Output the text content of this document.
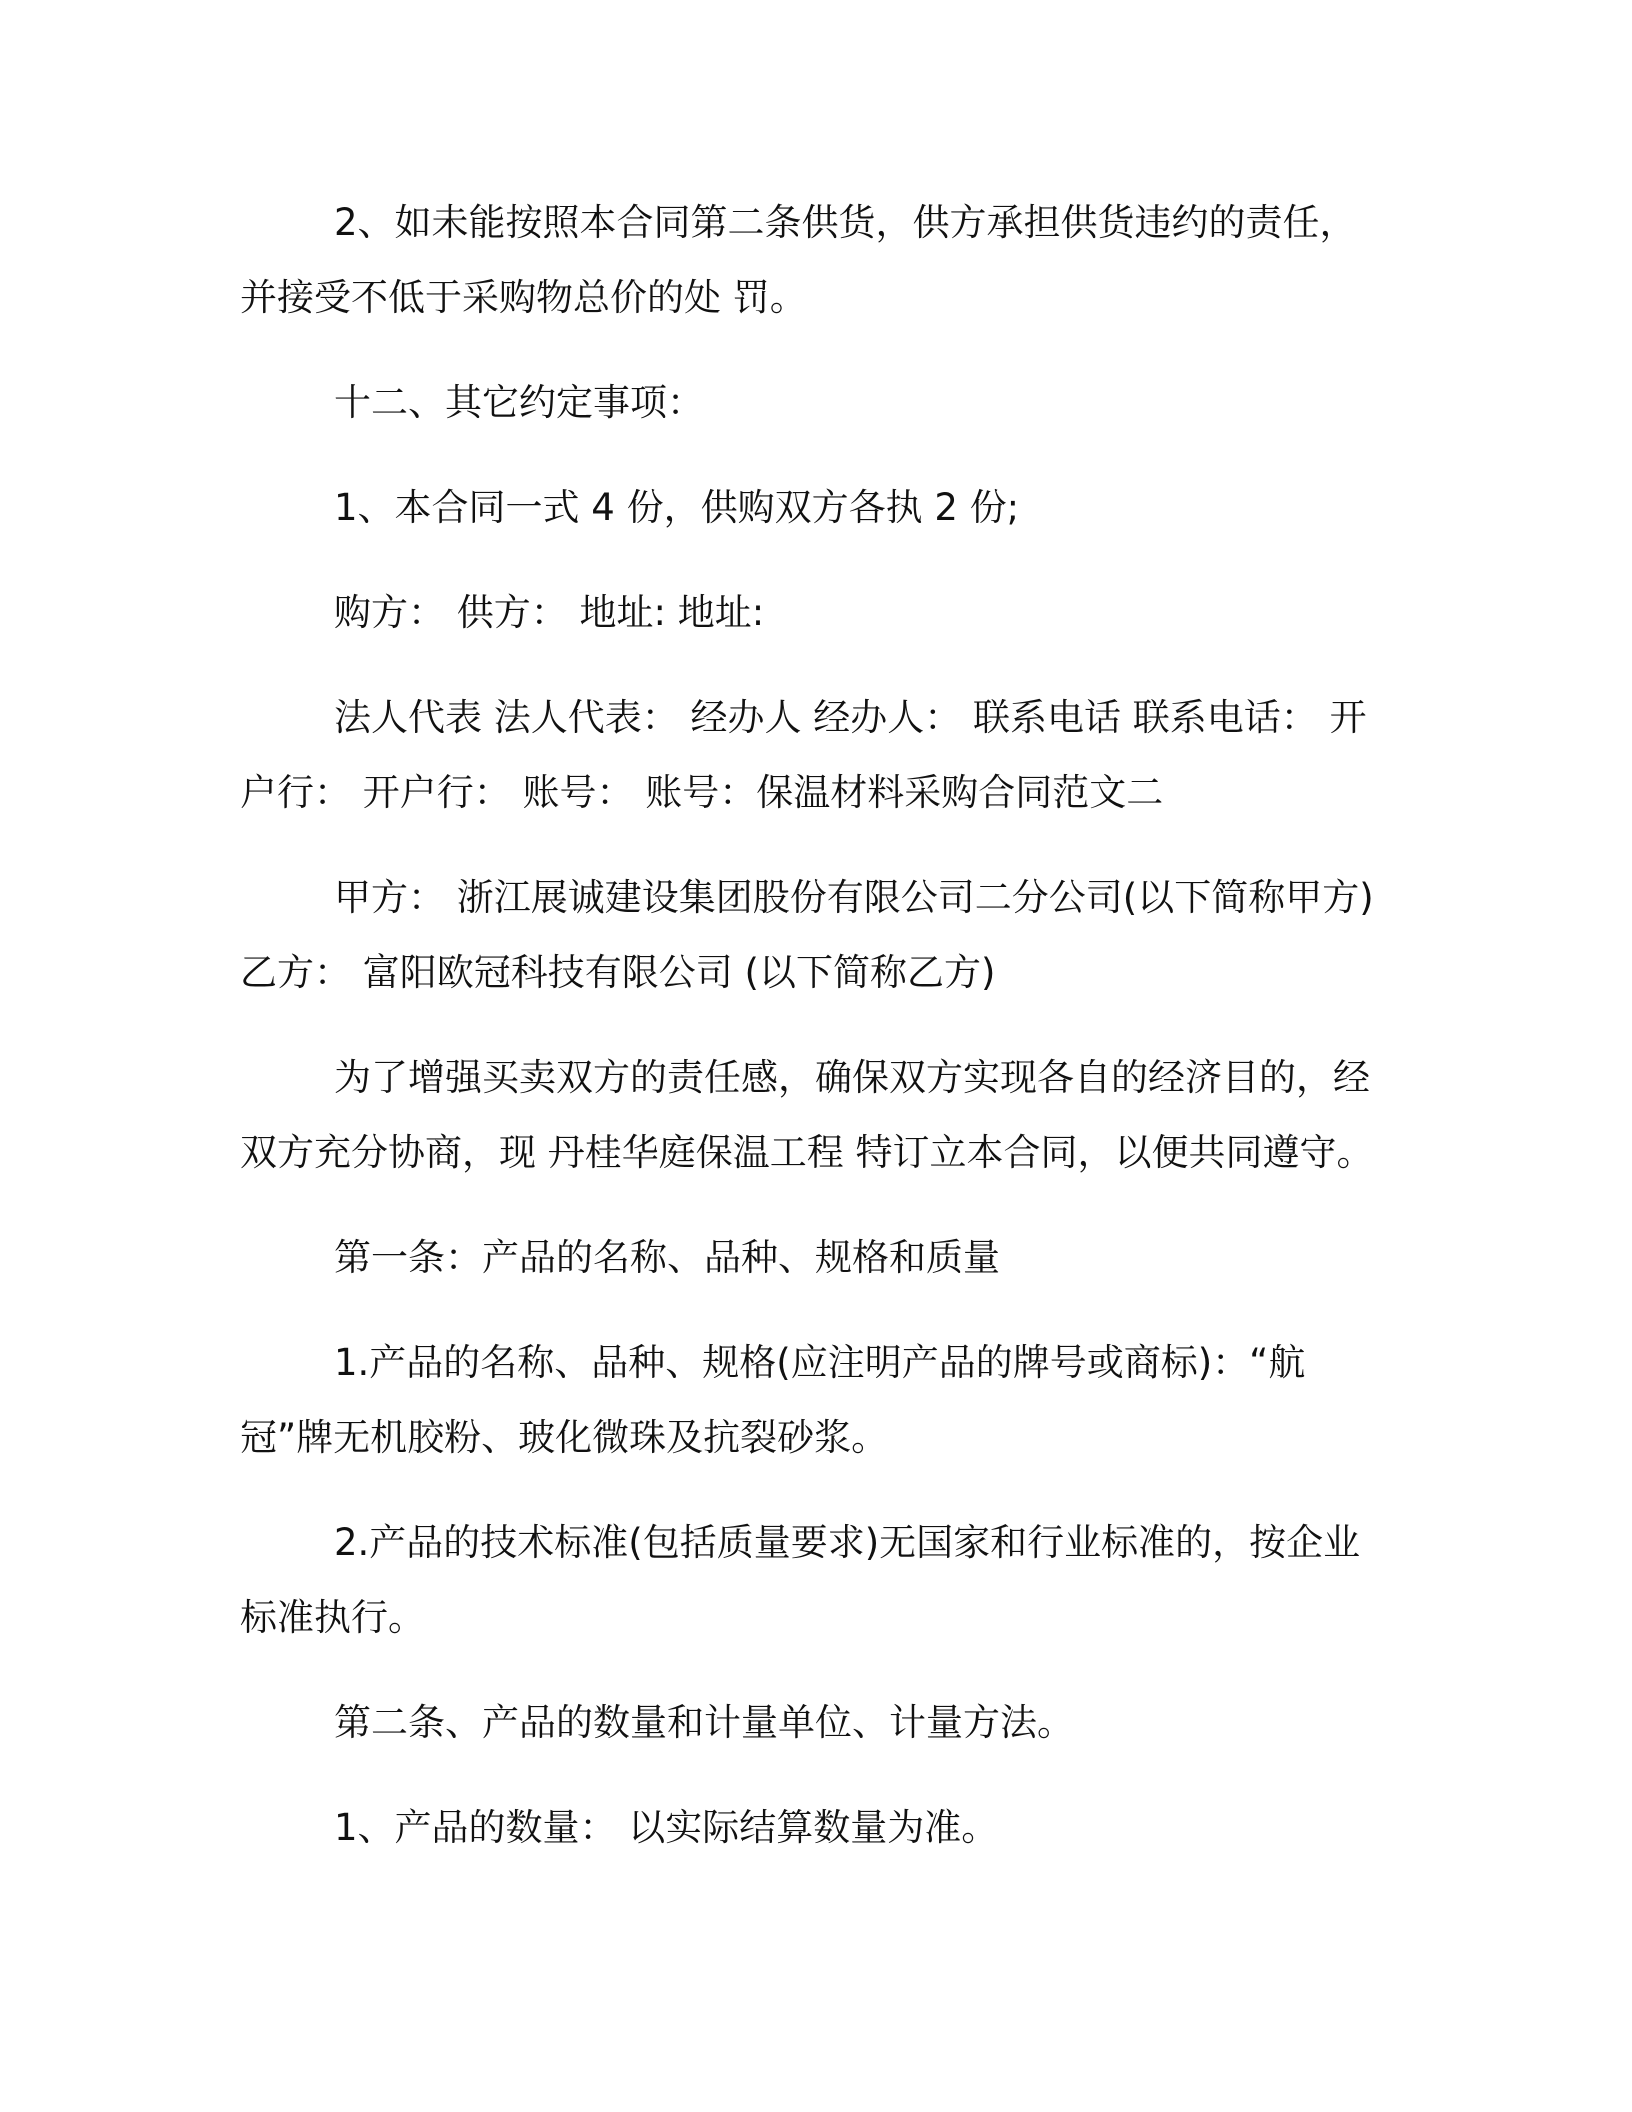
2、如未能按照本合同第二条供货，供方承担供货违约的责任，并接受不低于采购物总价的处 罚。

十二、其它约定事项：

1、本合同一式 4 份，供购双方各执 2 份;

购方： 供方： 地址: 地址:

法人代表 法人代表： 经办人 经办人： 联系电话 联系电话： 开户行： 开户行： 账号： 账号：保温材料采购合同范文二

甲方： 浙江展诚建设集团股份有限公司二分公司(以下简称甲方) 乙方： 富阳欧冠科技有限公司 (以下简称乙方)

为了增强买卖双方的责任感，确保双方实现各自的经济目的，经双方充分协商，现 丹桂华庭保温工程 特订立本合同，以便共同遵守。

第一条：产品的名称、品种、规格和质量

1.产品的名称、品种、规格(应注明产品的牌号或商标)：“航冠”牌无机胶粉、玻化微珠及抗裂砂浆。

2.产品的技术标准(包括质量要求)无国家和行业标准的，按企业标准执行。

第二条、产品的数量和计量单位、计量方法。

1、产品的数量： 以实际结算数量为准。
